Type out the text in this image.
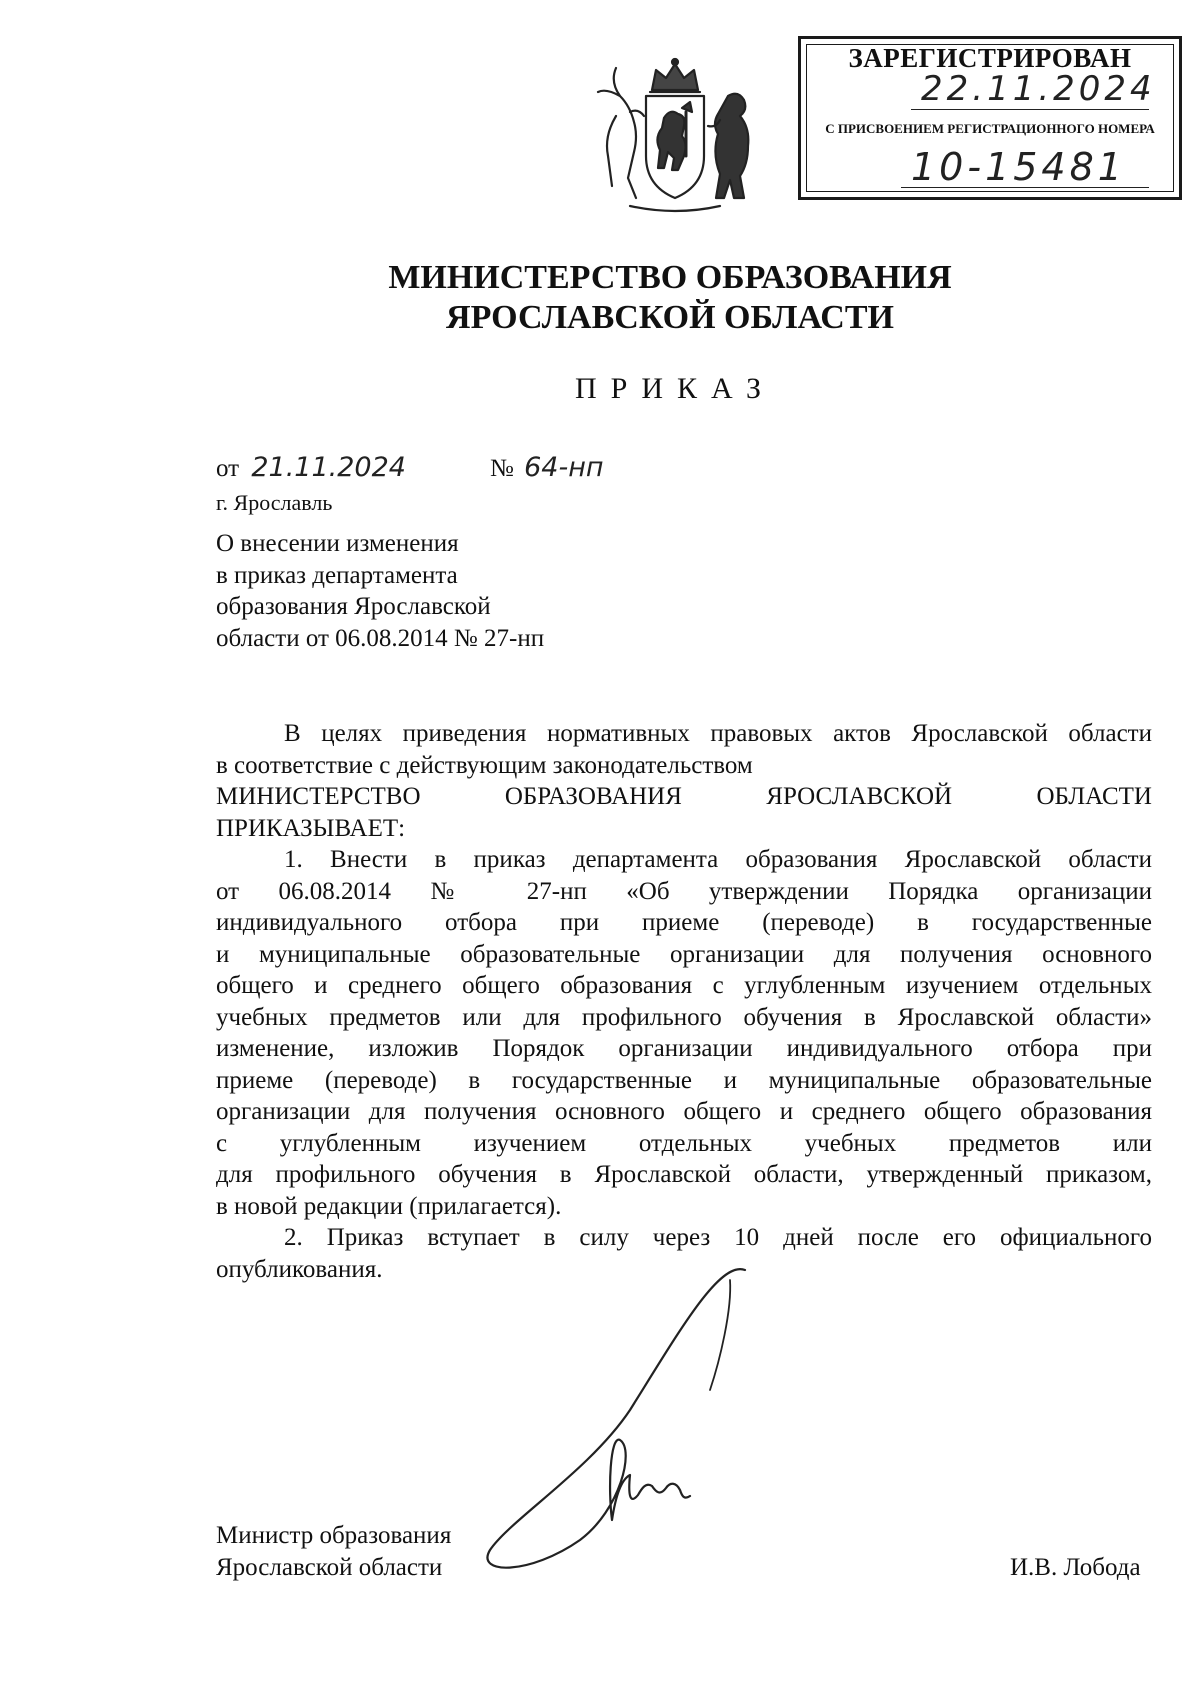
ЗАРЕГИСТРИРОВАН
22.11.2024
С ПРИСВОЕНИЕМ РЕГИСТРАЦИОННОГО НОМЕРА
10-15481
МИНИСТЕРСТВО ОБРАЗОВАНИЯ
ЯРОСЛАВСКОЙ ОБЛАСТИ
ПРИКАЗ
от 21.11.2024	№ 64-нп
г. Ярославль
О внесении изменения
в приказ департамента
образования Ярославской
области от 06.08.2014 № 27-нп
В целях приведения нормативных правовых актов Ярославской области
в соответствие с действующим законодательством
МИНИСТЕРСТВО	ОБРАЗОВАНИЯ	ЯРОСЛАВСКОЙ	ОБЛАСТИ
ПРИКАЗЫВАЕТ:
1. Внести в приказ департамента образования Ярославской области
от 06.08.2014 № 27-нп «Об утверждении Порядка организации
индивидуального отбора при приеме (переводе) в государственные
и муниципальные образовательные организации для получения основного
общего и среднего общего образования с углубленным изучением отдельных
учебных предметов или для профильного обучения в Ярославской области»
изменение, изложив Порядок организации индивидуального отбора при
приеме (переводе) в государственные и муниципальные образовательные
организации для получения основного общего и среднего общего образования
с углубленным изучением отдельных учебных предметов или
для профильного обучения в Ярославской области, утвержденный приказом,
в новой редакции (прилагается).
2. Приказ вступает в силу через 10 дней после его официального
опубликования.
Министр образования
Ярославской области	И.В. Лобода
